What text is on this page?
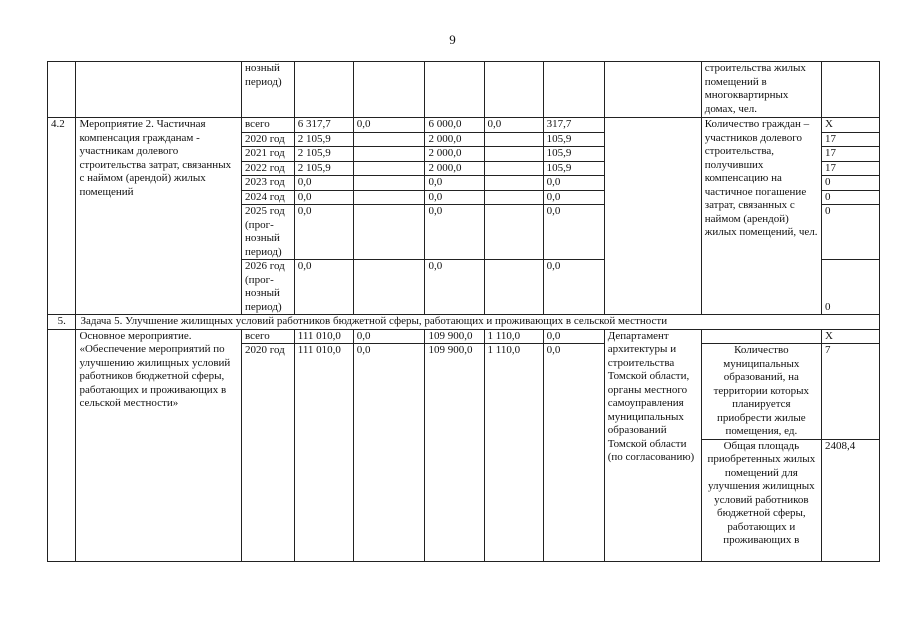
9
		нозный период)							строительства жилых помещений в многоквартирных домах, чел.	
4.2	Мероприятие 2. Частичная компенсация гражданам - участникам долевого строительства затрат, связанных с наймом (арендой) жилых помещений	всего	6 317,7	0,0	6 000,0	0,0	317,7		Количество граждан – участников долевого строительства, получивших компенсацию на частичное погашение затрат, связанных с наймом (арендой) жилых помещений, чел.	Х
		2020 год	2 105,9		2 000,0		105,9			17
		2021 год	2 105,9		2 000,0		105,9			17
		2022 год	2 105,9		2 000,0		105,9			17
		2023 год	0,0		0,0		0,0			0
		2024 год	0,0		0,0		0,0			0
		2025 год (прог-нозный период)	0,0		0,0		0,0			0
		2026 год (прог-нозный период)	0,0		0,0		0,0			0
5.	Задача 5. Улучшение жилищных условий работников бюджетной сферы, работающих и проживающих в сельской местности									
	Основное мероприятие. «Обеспечение мероприятий по улучшению жилищных условий работников бюджетной сферы, работающих и проживающих в сельской местности»	всего	111 010,0	0,0	109 900,0	1 110,0	0,0	Департамент архитектуры и строительства Томской области, органы местного самоуправления муниципальных образований Томской области (по согласованию)		Х
		2020 год	111 010,0	0,0	109 900,0	1 110,0	0,0		Количество муниципальных образований, на территории которых планируется приобрести жилые помещения, ед.	7
									Общая площадь приобретенных жилых помещений для улучшения жилищных условий работников бюджетной сферы, работающих и проживающих в	2408,4
